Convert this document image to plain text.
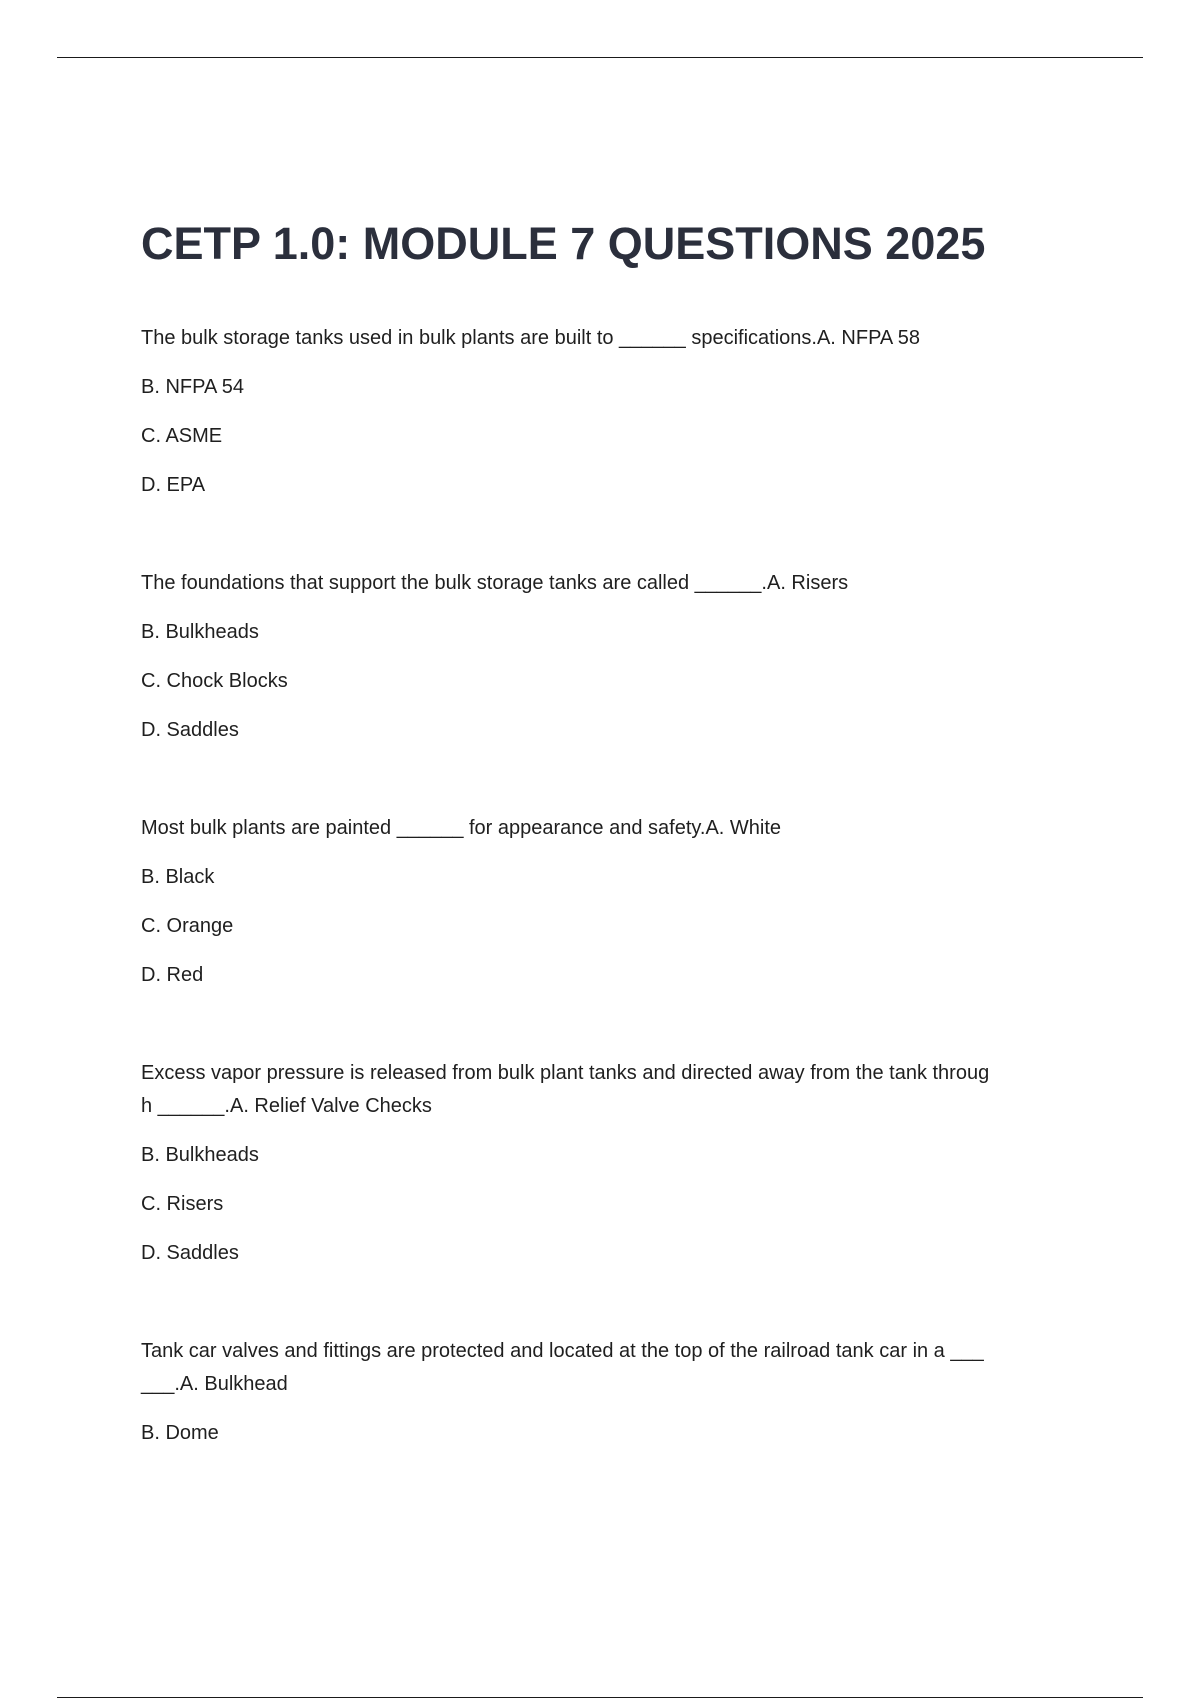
CETP 1.0: MODULE 7 QUESTIONS 2025

The bulk storage tanks used in bulk plants are built to ______ specifications.A. NFPA 58

B. NFPA 54

C. ASME

D. EPA

The foundations that support the bulk storage tanks are called ______.A. Risers

B. Bulkheads

C. Chock Blocks

D. Saddles

Most bulk plants are painted ______ for appearance and safety.A. White

B. Black

C. Orange

D. Red

Excess vapor pressure is released from bulk plant tanks and directed away from the tank throug

h ______.A. Relief Valve Checks

B. Bulkheads

C. Risers

D. Saddles

Tank car valves and fittings are protected and located at the top of the railroad tank car in a ___

___.A. Bulkhead

B. Dome
